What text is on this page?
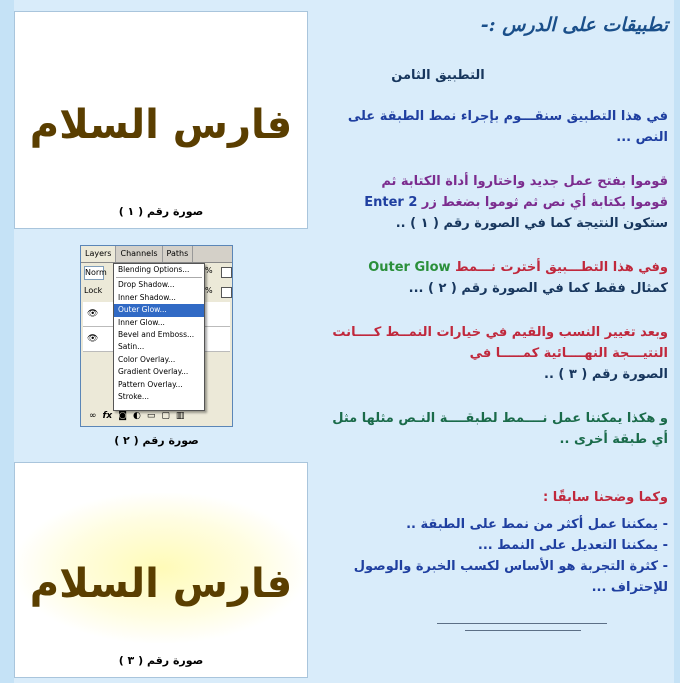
فارس السلام
صورة رقم ( ١ )
Layers	Channels	Paths
Norm
Lock
%
%
👁
👁
∞ fx ◙ ◐ ▭ ▢ ▥
Blending Options...
Drop Shadow...
Inner Shadow...
Outer Glow...
Inner Glow...
Bevel and Emboss...
Satin...
Color Overlay...
Gradient Overlay...
Pattern Overlay...
Stroke...
صورة رقم ( ٢ )
فارس السلام
صورة رقم ( ٣ )
تطبيقات على الدرس :-
التطبيق الثامن
في هذا التطبيق سنقـــوم بإجراء نمط الطبقة على النص ...
قوموا بفتح عمل جديد واختاروا أداة الكتابة ثم
قوموا بكتابة أي نص ثم ثوموا بضغط زر Enter 2
ستكون النتيجة كما في الصورة رقم ( ١ ) ..
وفي هذا التطـــبيق أخترت نـــمط Outer Glow
كمثال فقط كما في الصورة رقم ( ٢ ) ...
وبعد تغيير النسب والقيم في خيارات النمــط كــــانت النتيـــجة النهــــائية كمـــــا في
الصورة رقم ( ٣ ) ..
و هكذا يمكننا عمل نــــمط لطبقــــة النـص مثلها مثل أي طبقة أخرى ..
وكما وضحنا سابقًا :
- يمكننا عمل أكثر من نمط على الطبقة ..
- يمكننا التعديل على النمط ...
- كثرة التجربة هو الأساس لكسب الخبرة والوصول للإحتراف ...
